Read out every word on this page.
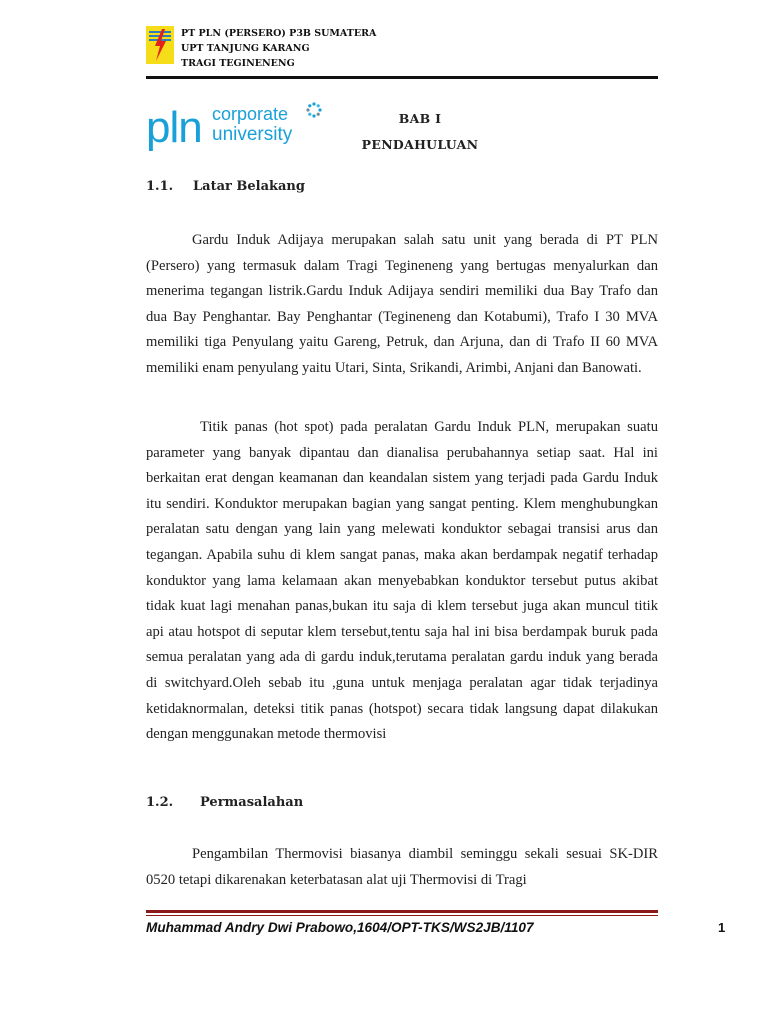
PT PLN (PERSERO) P3B SUMATERA
UPT TANJUNG KARANG
TRAGI TEGINENENG
pln corporate
university
BAB I
PENDAHULUAN
1.1. Latar Belakang
Gardu Induk Adijaya merupakan salah satu unit yang berada di PT PLN (Persero) yang termasuk dalam Tragi Tegineneng yang bertugas menyalurkan dan menerima tegangan listrik.Gardu Induk Adijaya sendiri memiliki dua Bay Trafo dan dua Bay Penghantar. Bay Penghantar (Tegineneng dan Kotabumi), Trafo I 30 MVA memiliki tiga Penyulang yaitu Gareng, Petruk, dan Arjuna, dan di Trafo II 60 MVA memiliki enam penyulang yaitu Utari, Sinta, Srikandi, Arimbi, Anjani dan Banowati.
Titik panas (hot spot) pada peralatan Gardu Induk PLN, merupakan suatu parameter yang banyak dipantau dan dianalisa perubahannya setiap saat. Hal ini berkaitan erat dengan keamanan dan keandalan sistem yang terjadi pada Gardu Induk itu sendiri. Konduktor merupakan bagian yang sangat penting. Klem menghubungkan peralatan satu dengan yang lain yang melewati konduktor sebagai transisi arus dan tegangan. Apabila suhu di klem sangat panas, maka akan berdampak negatif terhadap konduktor yang lama kelamaan akan menyebabkan konduktor tersebut putus akibat tidak kuat lagi menahan panas,bukan itu saja di klem tersebut juga akan muncul titik api atau hotspot di seputar klem tersebut,tentu saja hal ini bisa berdampak buruk pada semua peralatan yang ada di gardu induk,terutama peralatan gardu induk yang berada di switchyard.Oleh sebab itu ,guna untuk menjaga peralatan agar tidak terjadinya ketidaknormalan, deteksi titik panas (hotspot) secara tidak langsung dapat dilakukan dengan menggunakan metode thermovisi
1.2. Permasalahan
Pengambilan Thermovisi biasanya diambil seminggu sekali sesuai SK-DIR 0520 tetapi dikarenakan keterbatasan alat uji Thermovisi di Tragi
Muhammad Andry Dwi Prabowo,1604/OPT-TKS/WS2JB/1107	1
